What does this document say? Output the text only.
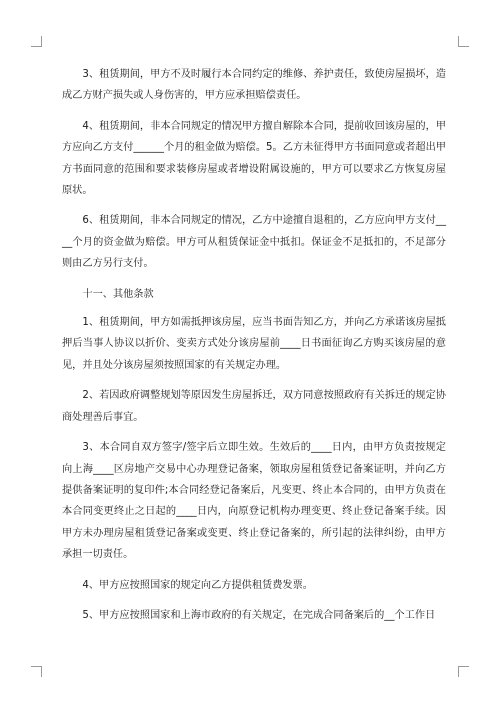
3、租赁期间，甲方不及时履行本合同约定的维修、养护责任，致使房屋损坏，造成乙方财产损失或人身伤害的，甲方应承担赔偿责任。

4、租赁期间，非本合同规定的情况甲方擅自解除本合同，提前收回该房屋的，甲方应向乙方支付______个月的租金做为赔偿。5。乙方未征得甲方书面同意或者超出甲方书面同意的范围和要求装修房屋或者增设附属设施的，甲方可以要求乙方恢复房屋原状。

6、租赁期间，非本合同规定的情况，乙方中途擅自退租的，乙方应向甲方支付____个月的资金做为赔偿。甲方可从租赁保证金中抵扣。保证金不足抵扣的，不足部分则由乙方另行支付。

十一、其他条款

1、租赁期间，甲方如需抵押该房屋，应当书面告知乙方，并向乙方承诺该房屋抵押后当事人协议以折价、变卖方式处分该房屋前____日书面征询乙方购买该房屋的意见，并且处分该房屋须按照国家的有关规定办理。

2、若因政府调整规划等原因发生房屋拆迁，双方同意按照政府有关拆迁的规定协商处理善后事宜。

3、本合同自双方签字/签字后立即生效。生效后的____日内，由甲方负责按规定向上海____区房地产交易中心办理登记备案，领取房屋租赁登记备案证明，并向乙方提供备案证明的复印件;本合同经登记备案后，凡变更、终止本合同的，由甲方负责在本合同变更终止之日起的____日内，向原登记机构办理变更、终止登记备案手续。因甲方未办理房屋租赁登记备案或变更、终止登记备案的，所引起的法律纠纷，由甲方承担一切责任。

4、甲方应按照国家的规定向乙方提供租赁费发票。

5、甲方应按照国家和上海市政府的有关规定，在完成合同备案后的__个工作日
